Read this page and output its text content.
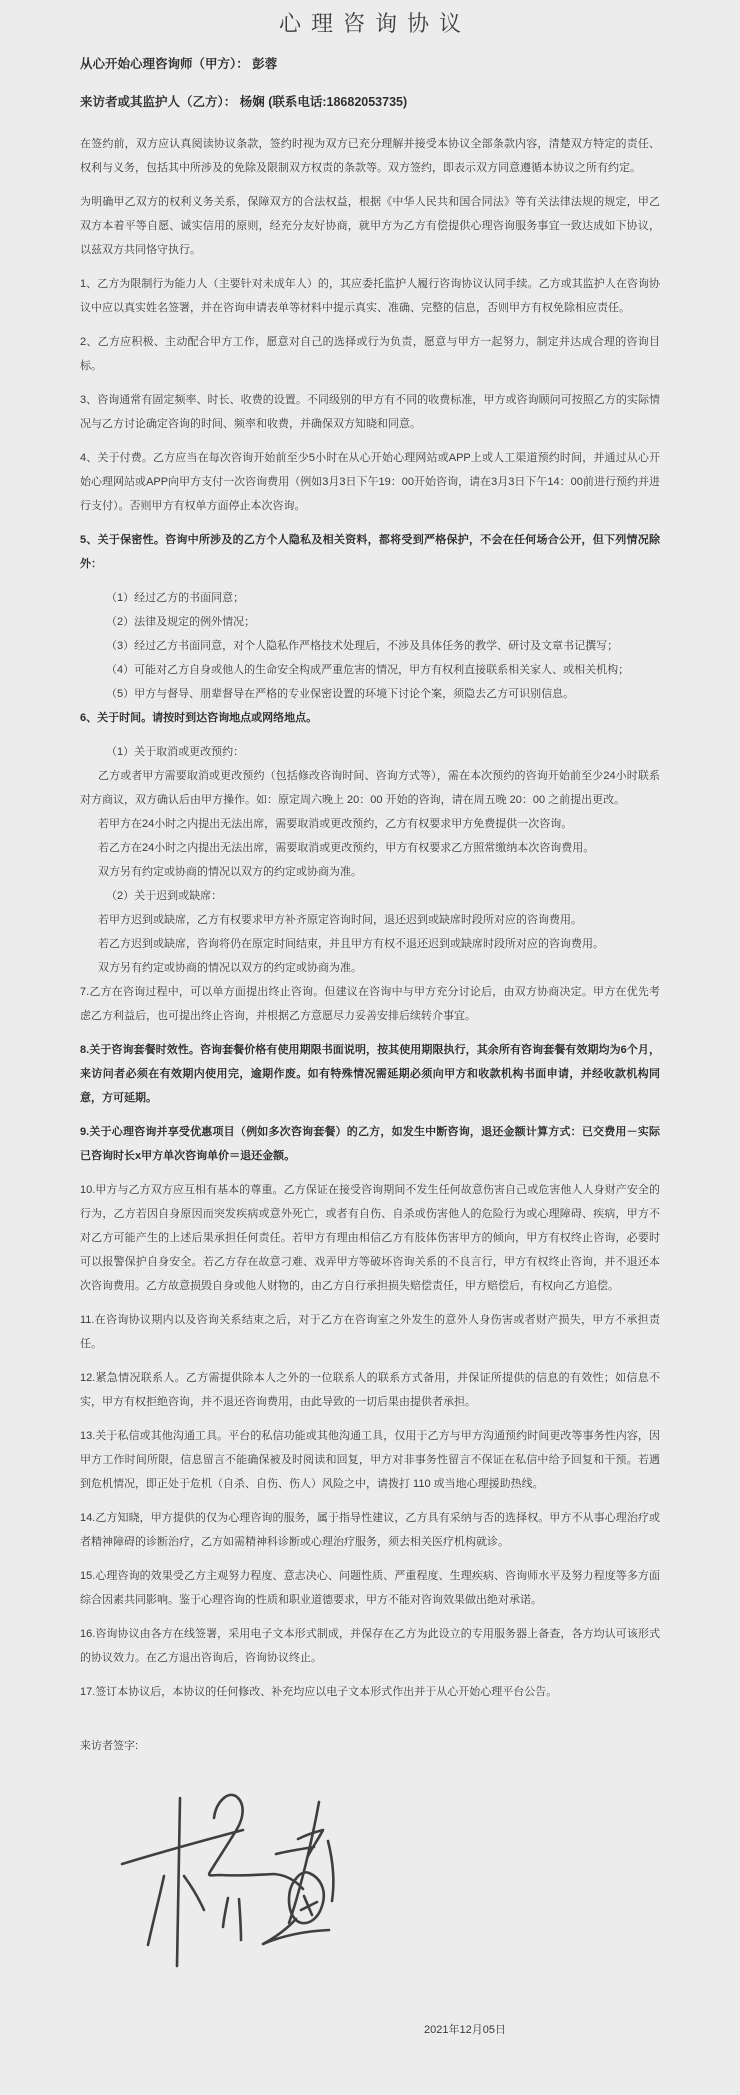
心理咨询协议

从心开始心理咨询师（甲方）： 彭蓉

来访者或其监护人（乙方）： 杨娴 (联系电话:18682053735)

在签约前，双方应认真阅读协议条款，签约时视为双方已充分理解并接受本协议全部条款内容，清楚双方特定的责任、权利与义务，包括其中所涉及的免除及限制双方权责的条款等。双方签约，即表示双方同意遵循本协议之所有约定。

为明确甲乙双方的权利义务关系，保障双方的合法权益，根据《中华人民共和国合同法》等有关法律法规的规定，甲乙双方本着平等自愿、诚实信用的原则，经充分友好协商，就甲方为乙方有偿提供心理咨询服务事宜一致达成如下协议，以兹双方共同恪守执行。

1、乙方为限制行为能力人（主要针对未成年人）的，其应委托监护人履行咨询协议认同手续。乙方或其监护人在咨询协议中应以真实姓名签署，并在咨询申请表单等材料中提示真实、准确、完整的信息，否则甲方有权免除相应责任。

2、乙方应积极、主动配合甲方工作，愿意对自己的选择或行为负责，愿意与甲方一起努力，制定并达成合理的咨询目标。

3、咨询通常有固定频率、时长、收费的设置。不同级别的甲方有不同的收费标准，甲方或咨询顾问可按照乙方的实际情况与乙方讨论确定咨询的时间、频率和收费，并确保双方知晓和同意。

4、关于付费。乙方应当在每次咨询开始前至少5小时在从心开始心理网站或APP上或人工渠道预约时间，并通过从心开始心理网站或APP向甲方支付一次咨询费用（例如3月3日下午19：00开始咨询，请在3月3日下午14：00前进行预约并进行支付）。否则甲方有权单方面停止本次咨询。

5、关于保密性。咨询中所涉及的乙方个人隐私及相关资料，都将受到严格保护，不会在任何场合公开，但下列情况除外：

（1）经过乙方的书面同意；

（2）法律及规定的例外情况；

（3）经过乙方书面同意，对个人隐私作严格技术处理后，不涉及具体任务的教学、研讨及文章书记撰写；

（4）可能对乙方自身或他人的生命安全构成严重危害的情况，甲方有权利直接联系相关家人、或相关机构；

（5）甲方与督导、朋辈督导在严格的专业保密设置的环境下讨论个案，须隐去乙方可识别信息。

6、关于时间。请按时到达咨询地点或网络地点。

（1）关于取消或更改预约：

乙方或者甲方需要取消或更改预约（包括修改咨询时间、咨询方式等），需在本次预约的咨询开始前至少24小时联系对方商议，双方确认后由甲方操作。如：原定周六晚上 20：00 开始的咨询，请在周五晚 20：00 之前提出更改。

若甲方在24小时之内提出无法出席，需要取消或更改预约，乙方有权要求甲方免费提供一次咨询。

若乙方在24小时之内提出无法出席，需要取消或更改预约，甲方有权要求乙方照常缴纳本次咨询费用。

双方另有约定或协商的情况以双方的约定或协商为准。

（2）关于迟到或缺席：

若甲方迟到或缺席，乙方有权要求甲方补齐原定咨询时间，退还迟到或缺席时段所对应的咨询费用。

若乙方迟到或缺席，咨询将仍在原定时间结束，并且甲方有权不退还迟到或缺席时段所对应的咨询费用。

双方另有约定或协商的情况以双方的约定或协商为准。

7.乙方在咨询过程中，可以单方面提出终止咨询。但建议在咨询中与甲方充分讨论后，由双方协商决定。甲方在优先考虑乙方利益后，也可提出终止咨询，并根据乙方意愿尽力妥善安排后续转介事宜。

8.关于咨询套餐时效性。咨询套餐价格有使用期限书面说明，按其使用期限执行，其余所有咨询套餐有效期均为6个月，来访问者必须在有效期内使用完，逾期作废。如有特殊情况需延期必须向甲方和收款机构书面申请，并经收款机构同意，方可延期。

9.关于心理咨询并享受优惠项目（例如多次咨询套餐）的乙方，如发生中断咨询，退还金额计算方式：已交费用－实际已咨询时长x甲方单次咨询单价＝退还金额。

10.甲方与乙方双方应互相有基本的尊重。乙方保证在接受咨询期间不发生任何故意伤害自己或危害他人人身财产安全的行为，乙方若因自身原因而突发疾病或意外死亡，或者有自伤、自杀或伤害他人的危险行为或心理障碍、疾病，甲方不对乙方可能产生的上述后果承担任何责任。若甲方有理由相信乙方有肢体伤害甲方的倾向，甲方有权终止咨询，必要时可以报警保护自身安全。若乙方存在故意刁难、戏弄甲方等破坏咨询关系的不良言行，甲方有权终止咨询，并不退还本次咨询费用。乙方故意损毁自身或他人财物的，由乙方自行承担损失赔偿责任，甲方赔偿后，有权向乙方追偿。

11.在咨询协议期内以及咨询关系结束之后，对于乙方在咨询室之外发生的意外人身伤害或者财产损失，甲方不承担责任。

12.紧急情况联系人。乙方需提供除本人之外的一位联系人的联系方式备用，并保证所提供的信息的有效性；如信息不实，甲方有权拒绝咨询，并不退还咨询费用，由此导致的一切后果由提供者承担。

13.关于私信或其他沟通工具。平台的私信功能或其他沟通工具，仅用于乙方与甲方沟通预约时间更改等事务性内容，因甲方工作时间所限，信息留言不能确保被及时阅读和回复，甲方对非事务性留言不保证在私信中给予回复和干预。若遇到危机情况，即正处于危机（自杀、自伤、伤人）风险之中，请拨打 110 或当地心理援助热线。

14.乙方知晓，甲方提供的仅为心理咨询的服务，属于指导性建议，乙方具有采纳与否的选择权。甲方不从事心理治疗或者精神障碍的诊断治疗，乙方如需精神科诊断或心理治疗服务，须去相关医疗机构就诊。

15.心理咨询的效果受乙方主观努力程度、意志决心、问题性质、严重程度、生理疾病、咨询师水平及努力程度等多方面综合因素共同影响。鉴于心理咨询的性质和职业道德要求，甲方不能对咨询效果做出绝对承诺。

16.咨询协议由各方在线签署，采用电子文本形式制成，并保存在乙方为此设立的专用服务器上备查，各方均认可该形式的协议效力。在乙方退出咨询后，咨询协议终止。

17.签订本协议后，本协议的任何修改、补充均应以电子文本形式作出并于从心开始心理平台公告。

来访者签字:

2021年12月05日
